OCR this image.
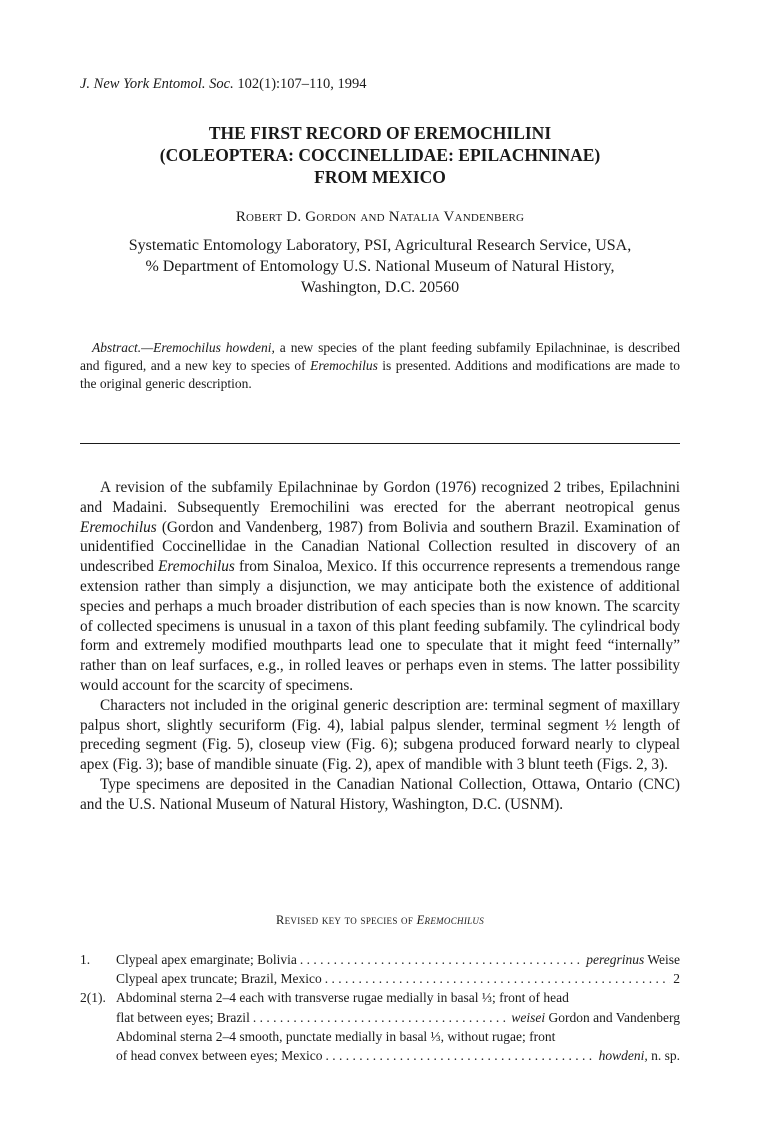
J. New York Entomol. Soc. 102(1):107–110, 1994
THE FIRST RECORD OF EREMOCHILINI
(COLEOPTERA: COCCINELLIDAE: EPILACHNINAE)
FROM MEXICO
Robert D. Gordon and Natalia Vandenberg
Systematic Entomology Laboratory, PSI, Agricultural Research Service, USA,
% Department of Entomology U.S. National Museum of Natural History,
Washington, D.C. 20560

Abstract.—Eremochilus howdeni, a new species of the plant feeding subfamily Epilachninae, is described and figured, and a new key to species of Eremochilus is presented. Additions and modifications are made to the original generic description.

A revision of the subfamily Epilachninae by Gordon (1976) recognized 2 tribes, Epilachnini and Madaini. Subsequently Eremochilini was erected for the aberrant neotropical genus Eremochilus (Gordon and Vandenberg, 1987) from Bolivia and southern Brazil. Examination of unidentified Coccinellidae in the Canadian National Collection resulted in discovery of an undescribed Eremochilus from Sinaloa, Mexico. If this occurrence represents a tremendous range extension rather than simply a disjunction, we may anticipate both the existence of additional species and perhaps a much broader distribution of each species than is now known. The scarcity of collected specimens is unusual in a taxon of this plant feeding subfamily. The cylindrical body form and extremely modified mouthparts lead one to speculate that it might feed “internally” rather than on leaf surfaces, e.g., in rolled leaves or perhaps even in stems. The latter possibility would account for the scarcity of specimens.

Characters not included in the original generic description are: terminal segment of maxillary palpus short, slightly securiform (Fig. 4), labial palpus slender, terminal segment ½ length of preceding segment (Fig. 5), closeup view (Fig. 6); subgena produced forward nearly to clypeal apex (Fig. 3); base of mandible sinuate (Fig. 2), apex of mandible with 3 blunt teeth (Figs. 2, 3).

Type specimens are deposited in the Canadian National Collection, Ottawa, Ontario (CNC) and the U.S. National Museum of Natural History, Washington, D.C. (USNM).

Revised key to species of Eremochilus
1.	Clypeal apex emarginate; Bolivia . . .	peregrinus Weise
Clypeal apex truncate; Brazil, Mexico . . .	2
2(1). Abdominal sterna 2–4 each with transverse rugae medially in basal ⅓; front of head
flat between eyes; Brazil . . .	weisei Gordon and Vandenberg
Abdominal sterna 2–4 smooth, punctate medially in basal ⅓, without rugae; front
of head convex between eyes; Mexico . . .	howdeni, n. sp.
